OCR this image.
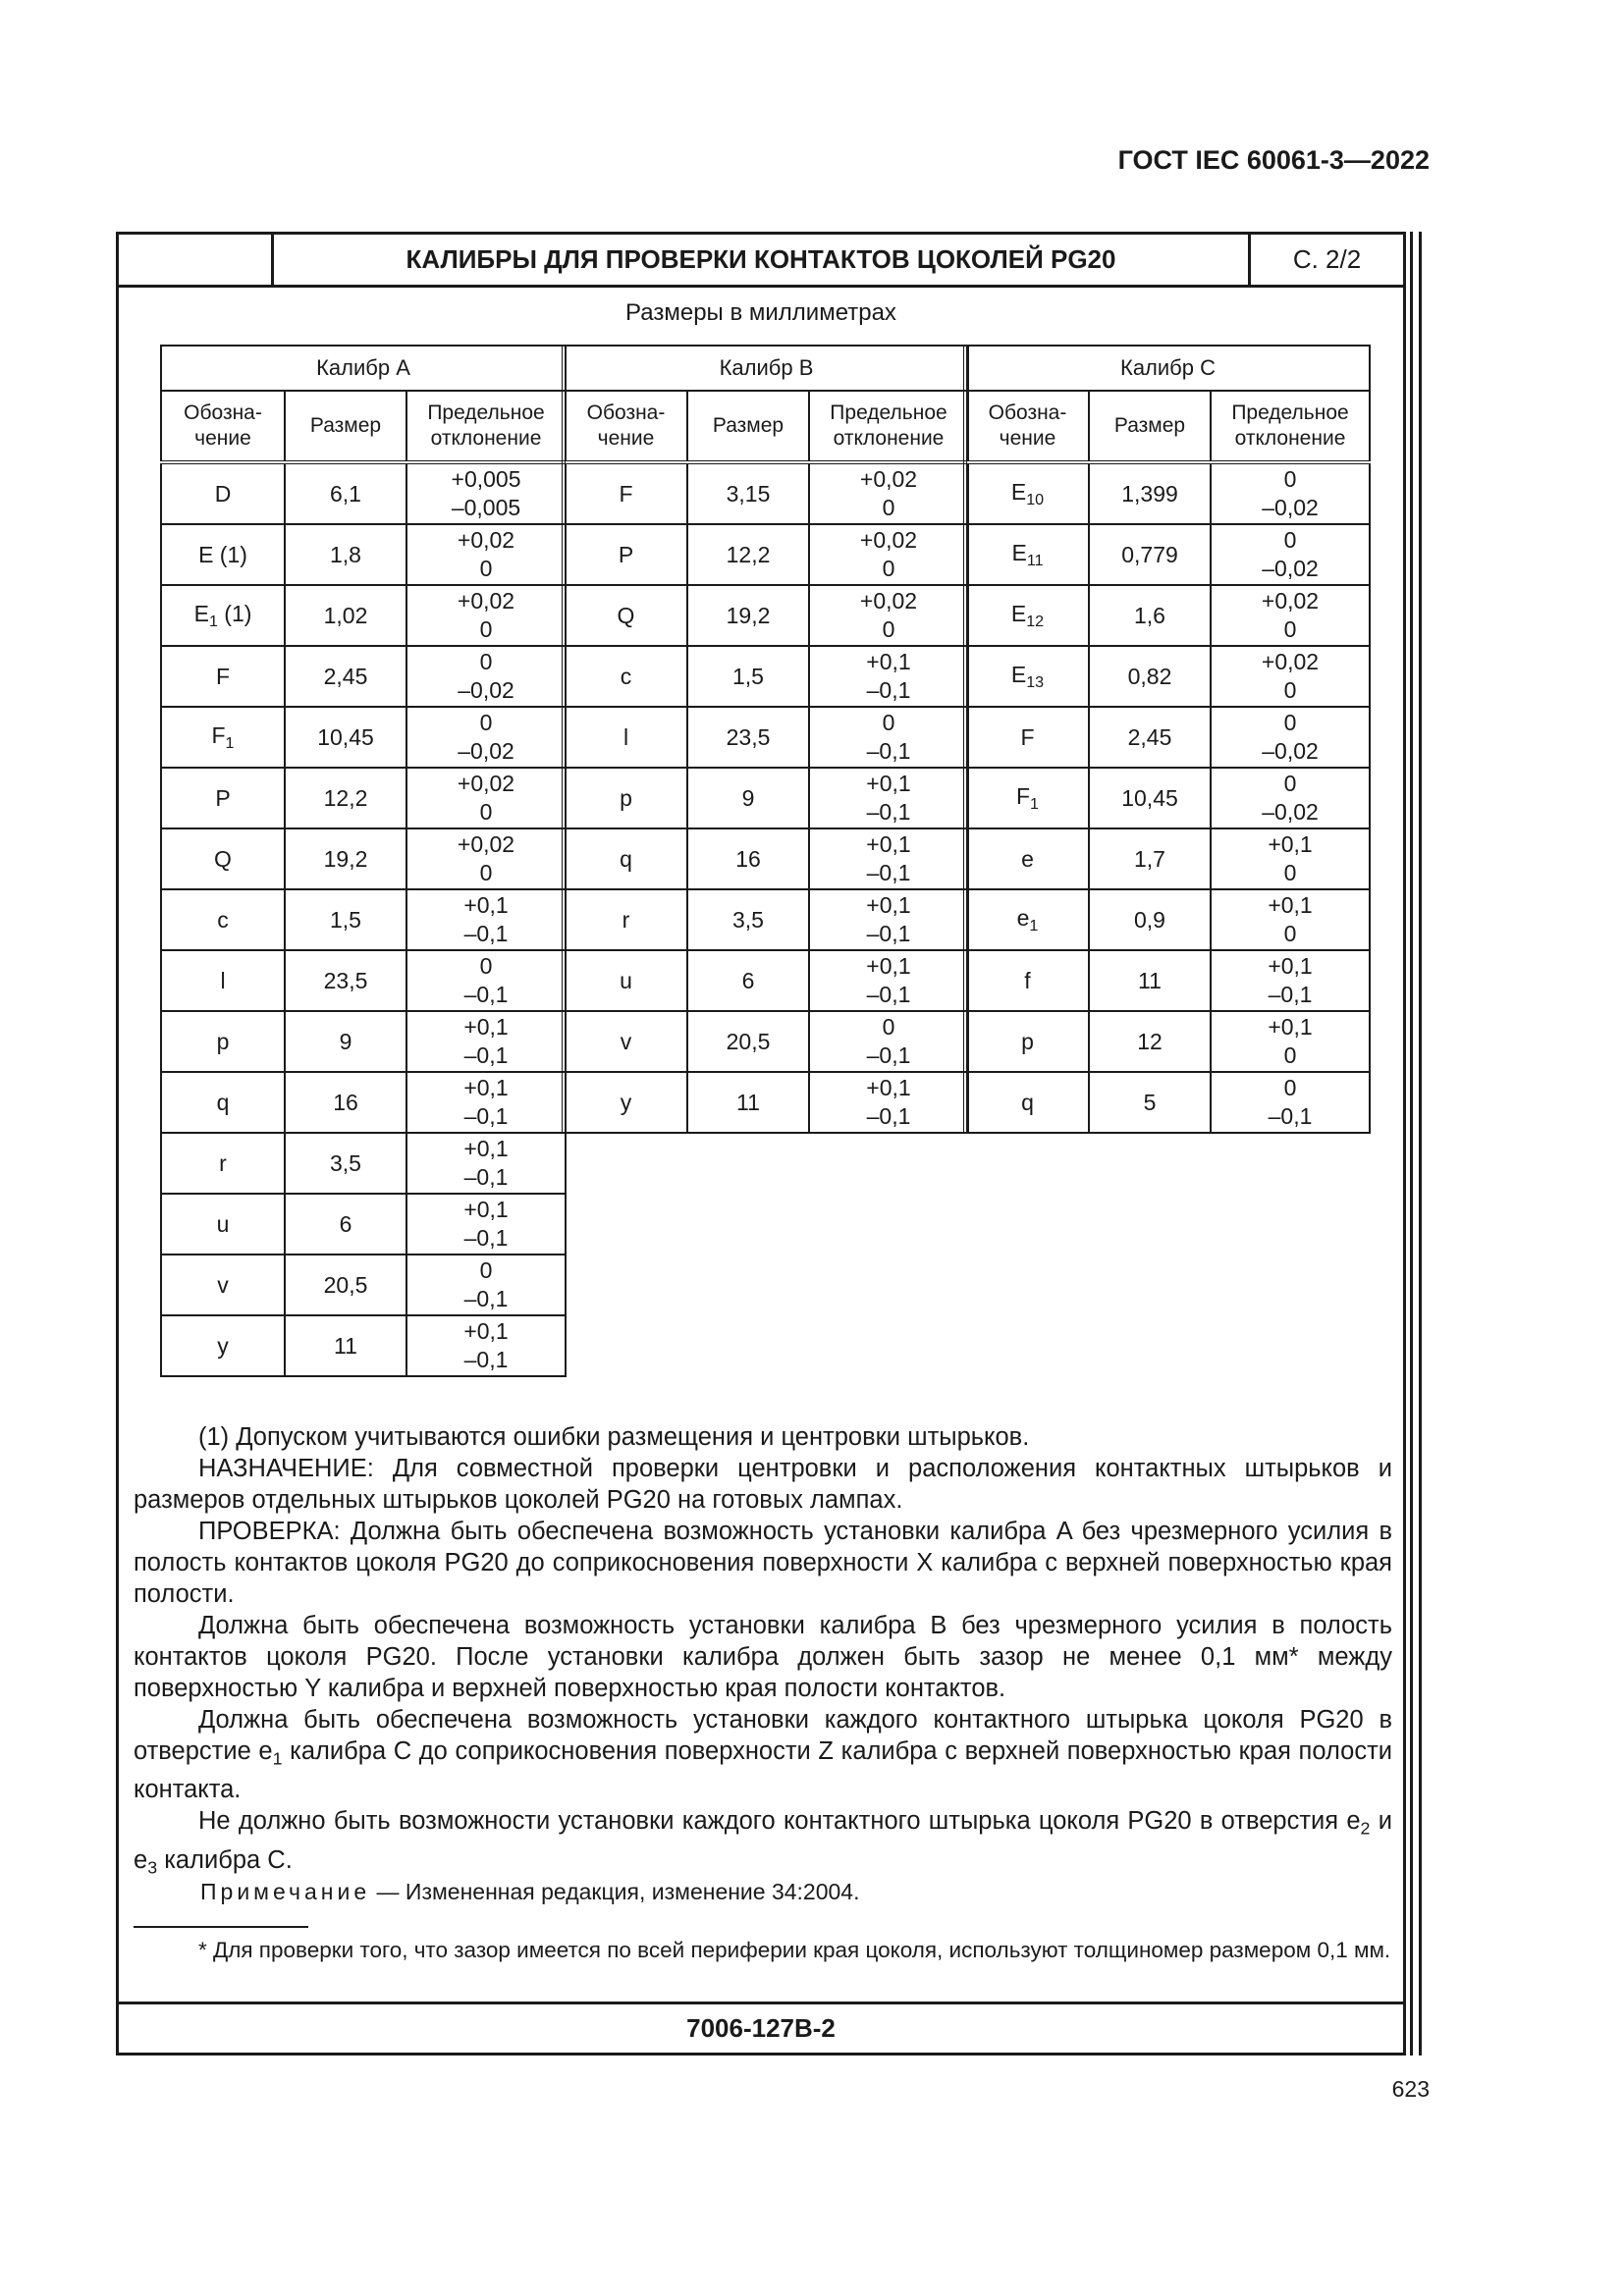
ГОСТ IEC 60061-3—2022
КАЛИБРЫ ДЛЯ ПРОВЕРКИ КОНТАКТОВ ЦОКОЛЕЙ PG20	С. 2/2
Размеры в миллиметрах
Калибр A		
Обозна-
чение	Размер	Предельное
отклонение
D	6,1	+0,005
–0,005

E (1)	1,8	+0,02
0

$E_1$ (1)	1,02	+0,02
0

F	2,45	0
–0,02

$F_1$	10,45	0
–0,02

P	12,2	+0,02
0

Q	19,2	+0,02
0

c	1,5	+0,1
–0,1

l	23,5	0
–0,1

p	9	+0,1
–0,1

q	16	+0,1
–0,1

r	3,5	+0,1
–0,1

u	6	+0,1
–0,1

v	20,5	0
–0,1

y	11	+0,1
–0,1
Калибр B		
Обозна-
чение	Размер	Предельное
отклонение
F	3,15	+0,02
0

P	12,2	+0,02
0

Q	19,2	+0,02
0

c	1,5	+0,1
–0,1

l	23,5	0
–0,1

p	9	+0,1
–0,1

q	16	+0,1
–0,1

r	3,5	+0,1
–0,1

u	6	+0,1
–0,1

v	20,5	0
–0,1

y	11	+0,1
–0,1
Калибр C		
Обозна-
чение	Размер	Предельное
отклонение
$E_{10}$	1,399	0
–0,02

$E_{11}$	0,779	0
–0,02

$E_{12}$	1,6	+0,02
0

$E_{13}$	0,82	+0,02
0

F	2,45	0
–0,02

$F_1$	10,45	0
–0,02

e	1,7	+0,1
0

$e_1$	0,9	+0,1
0

f	11	+0,1
–0,1

p	12	+0,1
0

q	5	0
–0,1
7006-127В-2

(1) Допуском учитываются ошибки размещения и центровки штырьков.

НАЗНАЧЕНИЕ: Для совместной проверки центровки и расположения контактных штырьков и размеров отдельных штырьков цоколей PG20 на готовых лампах.

ПРОВЕРКА: Должна быть обеспечена возможность установки калибра A без чрезмерного усилия в полость контактов цоколя PG20 до соприкосновения поверхности X калибра с верхней поверхностью края полости.

Должна быть обеспечена возможность установки калибра B без чрезмерного усилия в полость контактов цоколя PG20. После установки калибра должен быть зазор не менее 0,1 мм* между поверхностью Y калибра и верхней поверхностью края полости контактов.

Должна быть обеспечена возможность установки каждого контактного штырька цоколя PG20 в отверстие $e_1$ калибра C до соприкосновения поверхности Z калибра с верхней поверхностью края полости контакта.

Не должно быть возможности установки каждого контактного штырька цоколя PG20 в отверстия $e_2$ и $e_3$ калибра C.

Примечание — Измененная редакция, изменение 34:2004.

* Для проверки того, что зазор имеется по всей периферии края цоколя, используют толщиномер размером 0,1 мм.

623
